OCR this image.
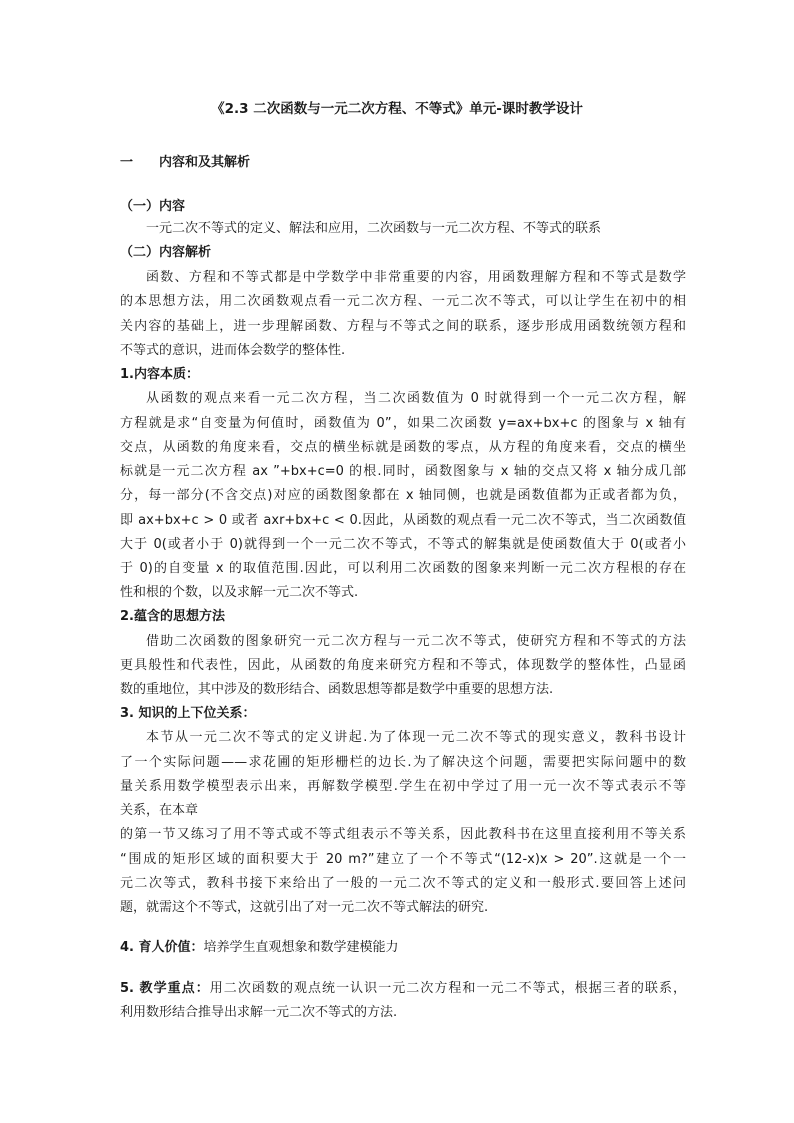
《2.3 二次函数与一元二次方程、不等式》单元-课时教学设计
一 内容和及其解析
（一）内容
一元二次不等式的定义、解法和应用，二次函数与一元二次方程、不等式的联系
（二）内容解析
函数、方程和不等式都是中学数学中非常重要的内容，用函数理解方程和不等式是数学
的本思想方法，用二次函数观点看一元二次方程、一元二次不等式，可以让学生在初中的相
关内容的基础上，进一步理解函数、方程与不等式之间的联系，逐步形成用函数统领方程和
不等式的意识，进而体会数学的整体性.
1.内容本质：
从函数的观点来看一元二次方程，当二次函数值为 0 时就得到一个一元二次方程，解
方程就是求“自变量为何值时，函数值为 0”，如果二次函数 y=ax+bx+c 的图象与 x 轴有
交点，从函数的角度来看，交点的横坐标就是函数的零点，从方程的角度来看，交点的横坐
标就是一元二次方程 ax ”+bx+c=0 的根.同时，函数图象与 x 轴的交点又将 x 轴分成几部
分，每一部分(不含交点)对应的函数图象都在 x 轴同侧，也就是函数值都为正或者都为负，
即 ax+bx+c > 0 或者 axr+bx+c < 0.因此，从函数的观点看一元二次不等式，当二次函数值
大于 0(或者小于 0)就得到一个一元二次不等式，不等式的解集就是使函数值大于 0(或者小
于 0)的自变量 x 的取值范围.因此，可以利用二次函数的图象来判断一元二次方程根的存在
性和根的个数，以及求解一元二次不等式.
2.蕴含的思想方法
借助二次函数的图象研究一元二次方程与一元二次不等式，使研究方程和不等式的方法
更具般性和代表性，因此，从函数的角度来研究方程和不等式，体现数学的整体性，凸显函
数的重地位，其中涉及的数形结合、函数思想等都是数学中重要的思想方法.
3. 知识的上下位关系：
本节从一元二次不等式的定义讲起.为了体现一元二次不等式的现实意义，教科书设计
了一个实际问题——求花圃的矩形栅栏的边长.为了解决这个问题，需要把实际问题中的数
量关系用数学模型表示出来，再解数学模型.学生在初中学过了用一元一次不等式表示不等
关系，在本章
的第一节又练习了用不等式或不等式组表示不等关系，因此教科书在这里直接利用不等关系
“围成的矩形区域的面积要大于 20 m?”建立了一个不等式“(12-x)x > 20”.这就是一个一
元二次等式，教科书接下来给出了一般的一元二次不等式的定义和一般形式.要回答上述问
题，就需这个不等式，这就引出了对一元二次不等式解法的研究.
4. 育人价值：培养学生直观想象和数学建模能力
5. 教学重点：用二次函数的观点统一认识一元二次方程和一元二不等式，根据三者的联系，
利用数形结合推导出求解一元二次不等式的方法.
